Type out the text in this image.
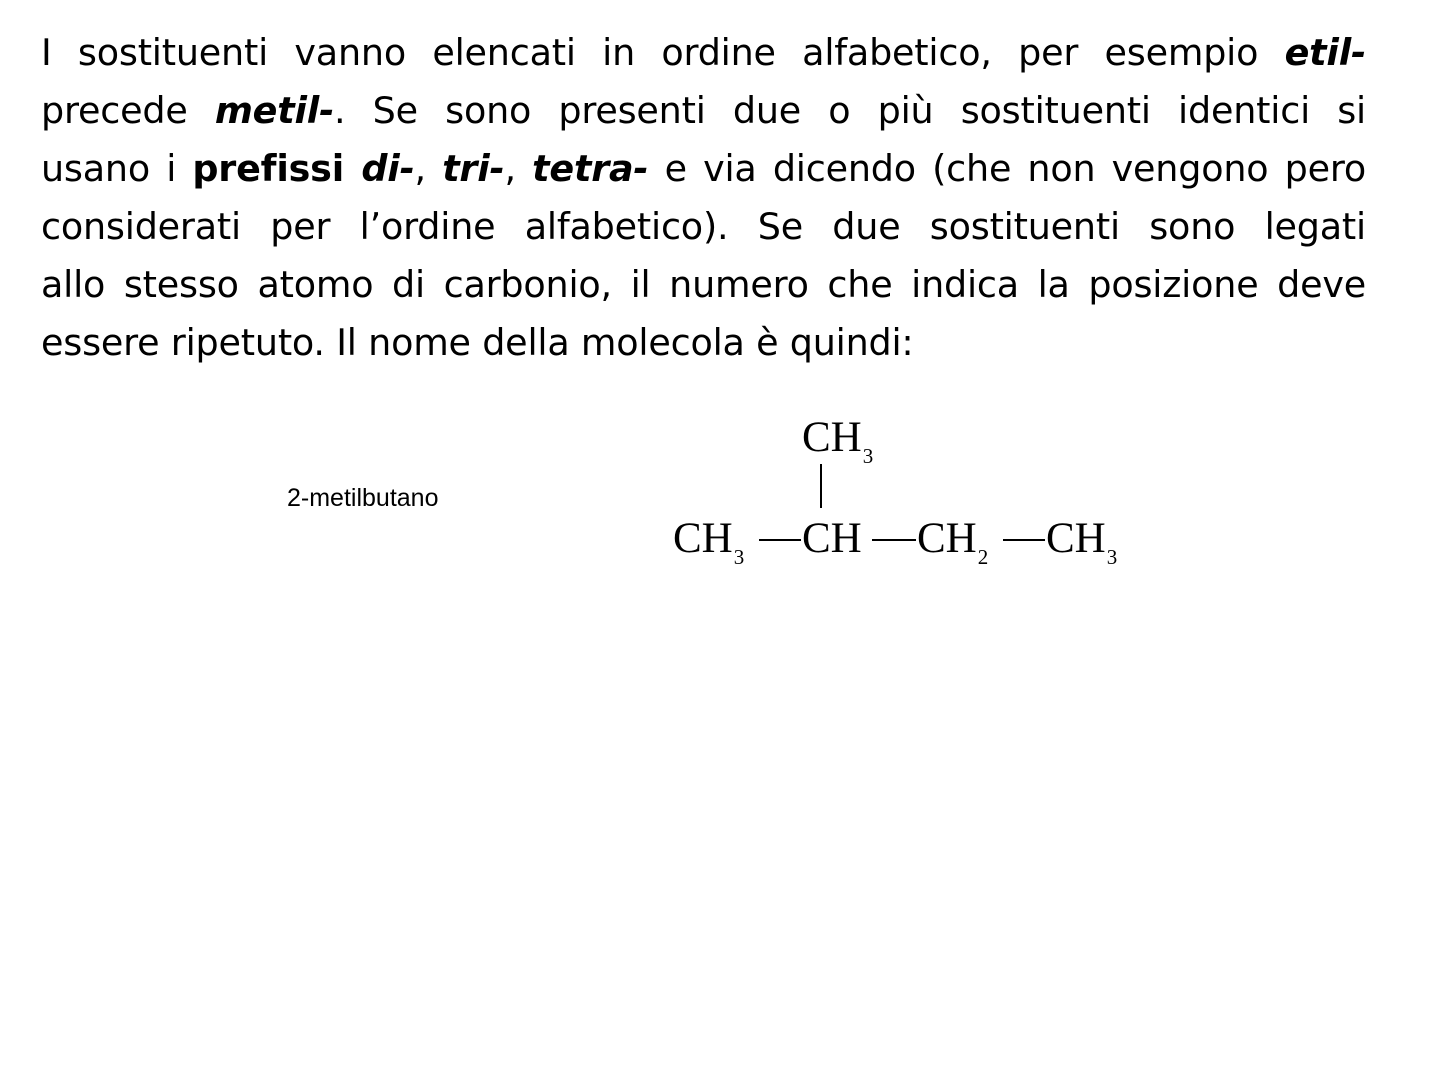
I sostituenti vanno elencati in ordine alfabetico, per esempio etil-
precede metil-. Se sono presenti due o più sostituenti identici si
usano i prefissi di-, tri-, tetra- e via dicendo (che non vengono pero
considerati per l’ordine alfabetico). Se due sostituenti sono legati
allo stesso atomo di carbonio, il numero che indica la posizione deve
essere ripetuto. Il nome della molecola è quindi:

2-metilbutano
$CH_3$
$CH_3$ CH $CH_2$ $CH_3$
